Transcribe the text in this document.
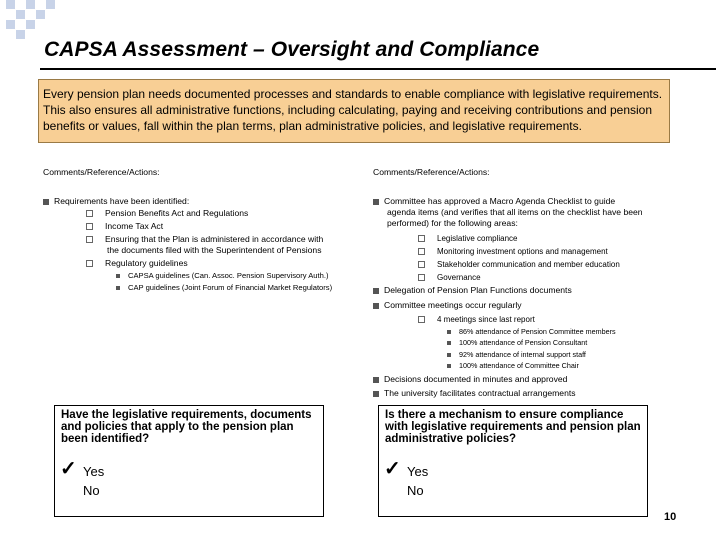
CAPSA Assessment – Oversight and Compliance
Every pension plan needs documented processes and standards to enable compliance with legislative requirements. This also ensures all administrative functions, including calculating, paying and receiving contributions and pension benefits or values, fall within the plan terms, plan administrative policies, and legislative requirements.
Comments/Reference/Actions:
Requirements have been identified:
Pension Benefits Act and Regulations
Income Tax Act
Ensuring that the Plan is administered in accordance with
the documents filed with the Superintendent of Pensions
Regulatory guidelines
CAPSA guidelines (Can. Assoc. Pension Supervisory Auth.)
CAP guidelines (Joint Forum of Financial Market Regulators)
Comments/Reference/Actions:
Committee has approved a Macro Agenda Checklist to guide
agenda items (and verifies that all items on the checklist have been
performed) for the following areas:
Legislative compliance
Monitoring investment options and management
Stakeholder communication and member education
Governance
Delegation of Pension Plan Functions documents
Committee meetings occur regularly
4 meetings since last report
86% attendance of Pension Committee members
100% attendance of Pension Consultant
92% attendance of internal support staff
100% attendance of Committee Chair
Decisions documented in minutes and approved
The university facilitates contractual arrangements
Have the legislative requirements, documents and policies that apply to the pension plan been identified?
✓ Yes
No
Is there a mechanism to ensure compliance with legislative requirements and pension plan administrative policies?
✓ Yes
No
10
